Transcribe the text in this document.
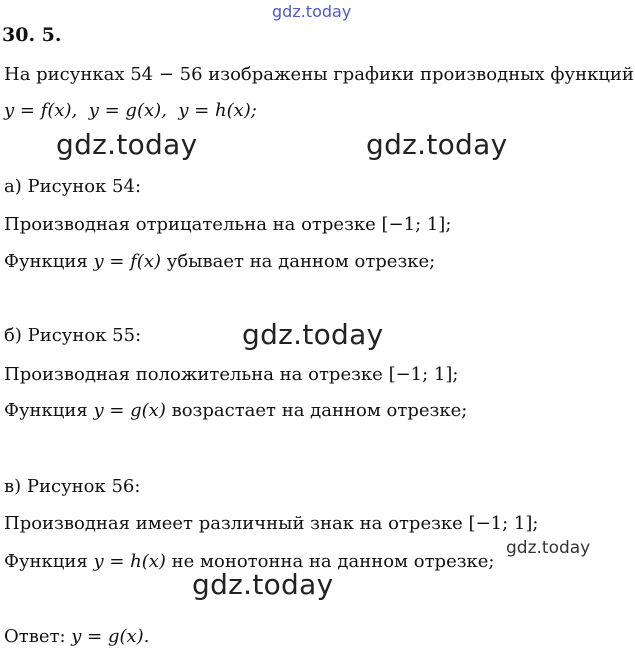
gdz.today
30. 5.
На рисунках 54 − 56 изображены графики производных функций
y = f(x), y = g(x), y = h(x);
gdz.today	gdz.today
а) Рисунок 54:
Производная отрицательна на отрезке [−1; 1];
Функция y = f(x) убывает на данном отрезке;
gdz.today
б) Рисунок 55:
Производная положительна на отрезке [−1; 1];
Функция y = g(x) возрастает на данном отрезке;
в) Рисунок 56:
Производная имеет различный знак на отрезке [−1; 1];
gdz.today
Функция y = h(x) не монотонна на данном отрезке;
gdz.today
Ответ: y = g(x).
